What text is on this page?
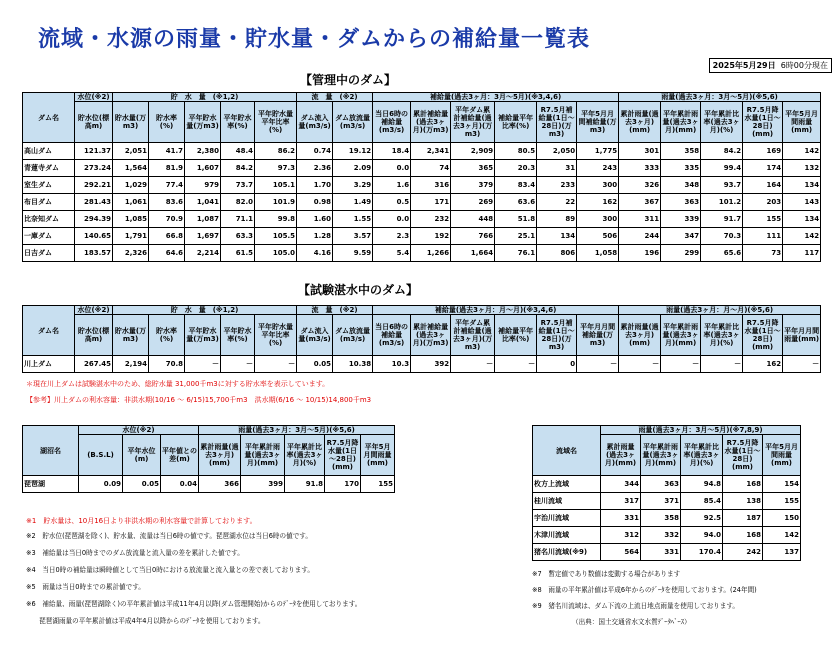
流域・水源の雨量・貯水量・ダムからの補給量一覧表
2025年5月29日 6時00分現在
【管理中のダム】
ダム名	水位(※2)	貯　水　量　(※1,2)					流　量　(※2)		補給量(過去3ヶ月：3月～5月)(※3,4,6)						雨量(過去3ヶ月：3月～5月)(※5,6)				
	貯水位(標高m)	貯水量(万m3)	貯水率(%)	平年貯水量(万m3)	平年貯水率(%)	平年貯水量平年比率(%)	ダム流入量(m3/s)	ダム放流量(m3/s)	当日6時の補給量(m3/s)	累計補給量(過去3ヶ月)(万m3)	平年ダム累計補給量(過去3ヶ月)(万m3)	補給量平年比率(%)	R7.5月補給量(1日～28日)(万m3)	平年5月月間補給量(万m3)	累計雨量(過去3ヶ月)(mm)	平年累計雨量(過去3ヶ月)(mm)	平年累計比率(過去3ヶ月)(%)	R7.5月降水量(1日～28日)(mm)	平年5月月間雨量(mm)
高山ダム	121.37	2,051	41.7	2,380	48.4	86.2	0.74	19.12	18.4	2,341	2,909	80.5	2,050	1,775	301	358	84.2	169	142
青蓮寺ダム	273.24	1,564	81.9	1,607	84.2	97.3	2.36	2.09	0.0	74	365	20.3	31	243	333	335	99.4	174	132
室生ダム	292.21	1,029	77.4	979	73.7	105.1	1.70	3.29	1.6	316	379	83.4	233	300	326	348	93.7	164	134
布目ダム	281.43	1,061	83.6	1,041	82.0	101.9	0.98	1.49	0.5	171	269	63.6	22	162	367	363	101.2	203	143
比奈知ダム	294.39	1,085	70.9	1,087	71.1	99.8	1.60	1.55	0.0	232	448	51.8	89	300	311	339	91.7	155	134
一庫ダム	140.65	1,791	66.8	1,697	63.3	105.5	1.28	3.57	2.3	192	766	25.1	134	506	244	347	70.3	111	142
日吉ダム	183.57	2,326	64.6	2,214	61.5	105.0	4.16	9.59	5.4	1,266	1,664	76.1	806	1,058	196	299	65.6	73	117
【試験湛水中のダム】
ダム名	水位(※2)	貯　水　量　(※1,2)					流　量　(※2)		補給量(過去3ヶ月：月～月)(※3,4,6)						雨量(過去3ヶ月：月～月)(※5,6)				
	貯水位(標高m)	貯水量(万m3)	貯水率(%)	平年貯水量(万m3)	平年貯水率(%)	平年貯水量平年比率(%)	ダム流入量(m3/s)	ダム放流量(m3/s)	当日6時の補給量(m3/s)	累計補給量(過去3ヶ月)(万m3)	平年ダム累計補給量(過去3ヶ月)(万m3)	補給量平年比率(%)	R7.5月補給量(1日～28日)(万m3)	平年月月間補給量(万m3)	累計雨量(過去3ヶ月)(mm)	平年累計雨量(過去3ヶ月)(mm)	平年累計比率(過去3ヶ月)(%)	R7.5月降水量(1日～28日)(mm)	平年月月間雨量(mm)
川上ダム	267.45	2,194	70.8	－	－	－	0.05	10.38	10.3	392	－	－	0	－	－	－	－	162	－
＊現在川上ダムは試験湛水中のため、総貯水量 31,000千m3に対する貯水率を表示しています。
【参考】川上ダムの利水容量：非洪水期(10/16 ～ 6/15)15,700千m3　洪水期(6/16 ～ 10/15)14,800千m3
湖沼名	水位(※2)			雨量(過去3ヶ月：3月～5月)(※5,6)				
	(B.S.L)	平年水位(m)	平年値との差(m)	累計雨量(過去3ヶ月)(mm)	平年累計雨量(過去3ヶ月)(mm)	平年累計比率(過去3ヶ月)(%)	R7.5月降水量(1日～28日)(mm)	平年5月月間雨量(mm)
琵琶湖	0.09	0.05	0.04	366	399	91.8	170	155
流域名	雨量(過去3ヶ月：3月～5月)(※7,8,9)				
	累計雨量(過去3ヶ月)(mm)	平年累計雨量(過去3ヶ月)(mm)	平年累計比率(過去3ヶ月)(%)	R7.5月降水量(1日～28日)(mm)	平年5月月間雨量(mm)
枚方上流域	344	363	94.8	168	154
桂川流域	317	371	85.4	138	155
宇治川流域	331	358	92.5	187	150
木津川流域	312	332	94.0	168	142
猪名川流域(※9)	564	331	170.4	242	137
※1　貯水量は、10月16日より非洪水期の利水容量で計算しております。
※2　貯水位(琵琶湖を除く)、貯水量、流量は当日6時の値です。琵琶湖水位は当日6時の値です。
※3　補給量は当日0時までのダム放流量と流入量の差を累計した値です。
※4　当日0時の補給量は瞬時値として当日0時における放流量と流入量との差で表しております。
※5　雨量は当日0時までの累計値です。
※6　補給量、雨量(琵琶湖除く)の平年累計値は平成11年4月以降(ダム管理開始)からのﾃﾞｰﾀを使用しております。
　　琵琶湖雨量の平年累計値は平成4年4月以降からのﾃﾞｰﾀを使用しております。
※7　暫定値であり数値は変動する場合があります
※8　雨量の平年累計値は平成6年からのﾃﾞｰﾀを使用しております。(24年間)
※9　猪名川流域は、ダム下流の上流日地点雨量を使用しております。
（出典：国土交通省水文水質ﾃﾞｰﾀﾍﾞｰｽ）
